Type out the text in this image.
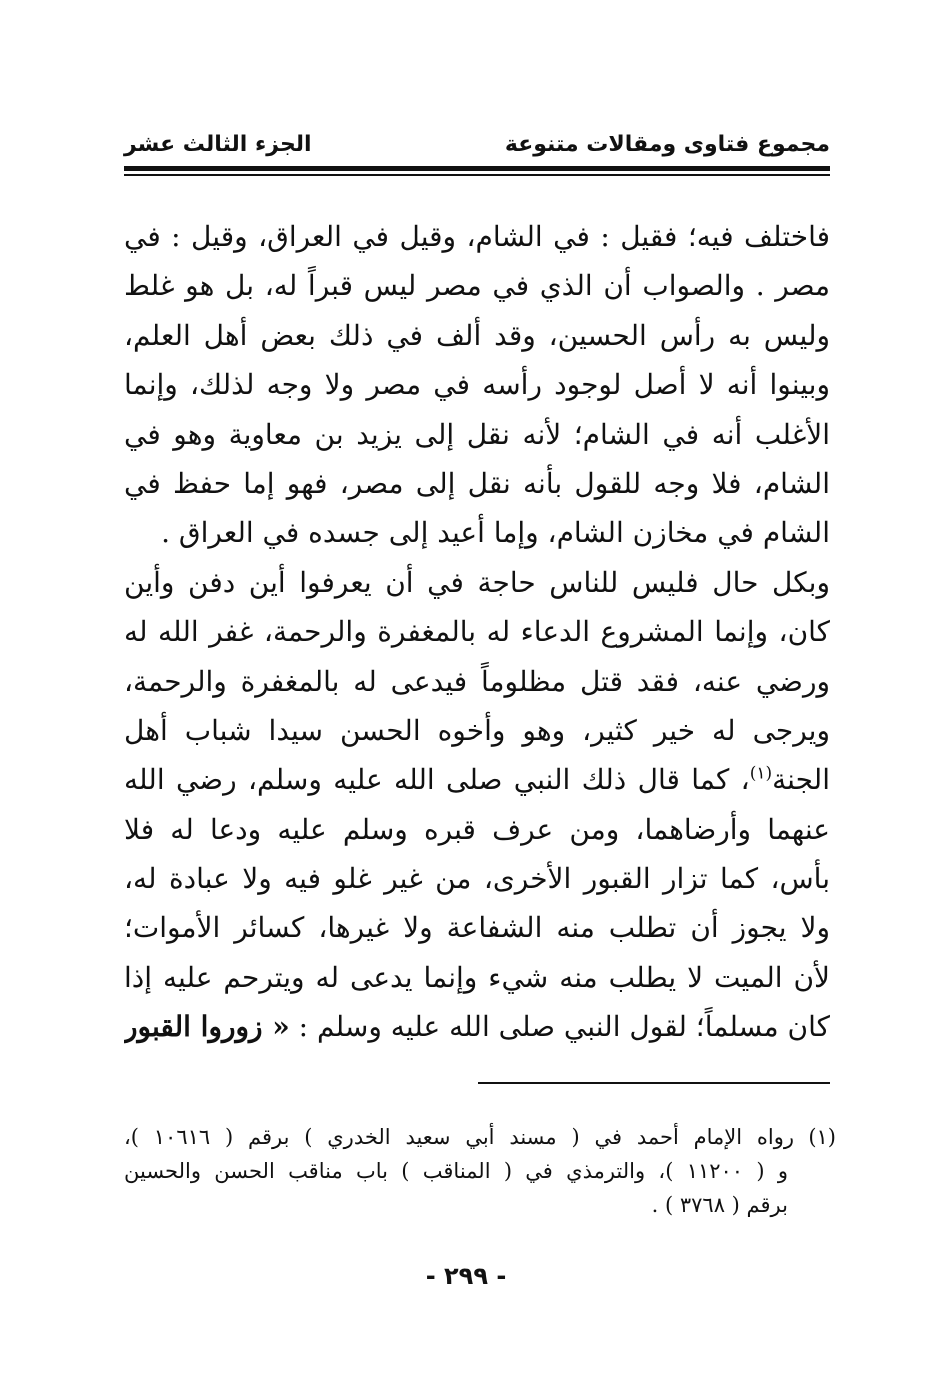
مجموع فتاوى ومقالات متنوعة
الجزء الثالث عشر
فاختلف فيه؛ فقيل : في الشام، وقيل في العراق، وقيل : في
مصر . والصواب أن الذي في مصر ليس قبراً له، بل هو غلط
وليس به رأس الحسين، وقد ألف في ذلك بعض أهل العلم،
وبينوا أنه لا أصل لوجود رأسه في مصر ولا وجه لذلك، وإنما
الأغلب أنه في الشام؛ لأنه نقل إلى يزيد بن معاوية وهو في
الشام، فلا وجه للقول بأنه نقل إلى مصر، فهو إما حفظ في
الشام في مخازن الشام، وإما أعيد إلى جسده في العراق .
وبكل حال فليس للناس حاجة في أن يعرفوا أين دفن وأين
كان، وإنما المشروع الدعاء له بالمغفرة والرحمة، غفر الله له
ورضي عنه، فقد قتل مظلوماً فيدعى له بالمغفرة والرحمة،
ويرجى له خير كثير، وهو وأخوه الحسن سيدا شباب أهل
الجنة$^{(١)}$، كما قال ذلك النبي صلى الله عليه وسلم، رضي الله
عنهما وأرضاهما، ومن عرف قبره وسلم عليه ودعا له فلا
بأس، كما تزار القبور الأخرى، من غير غلو فيه ولا عبادة له،
ولا يجوز أن تطلب منه الشفاعة ولا غيرها، كسائر الأموات؛
لأن الميت لا يطلب منه شيء وإنما يدعى له ويترحم عليه إذا
كان مسلماً؛ لقول النبي صلى الله عليه وسلم : « زوروا القبور
(١)رواه الإمام أحمد في ( مسند أبي سعيد الخدري ) برقم ( ١٠٦١٦ )،
و ( ١١٢٠٠ )، والترمذي في ( المناقب ) باب مناقب الحسن والحسين
برقم ( ٣٧٦٨ ) .
- ٢٩٩ -
